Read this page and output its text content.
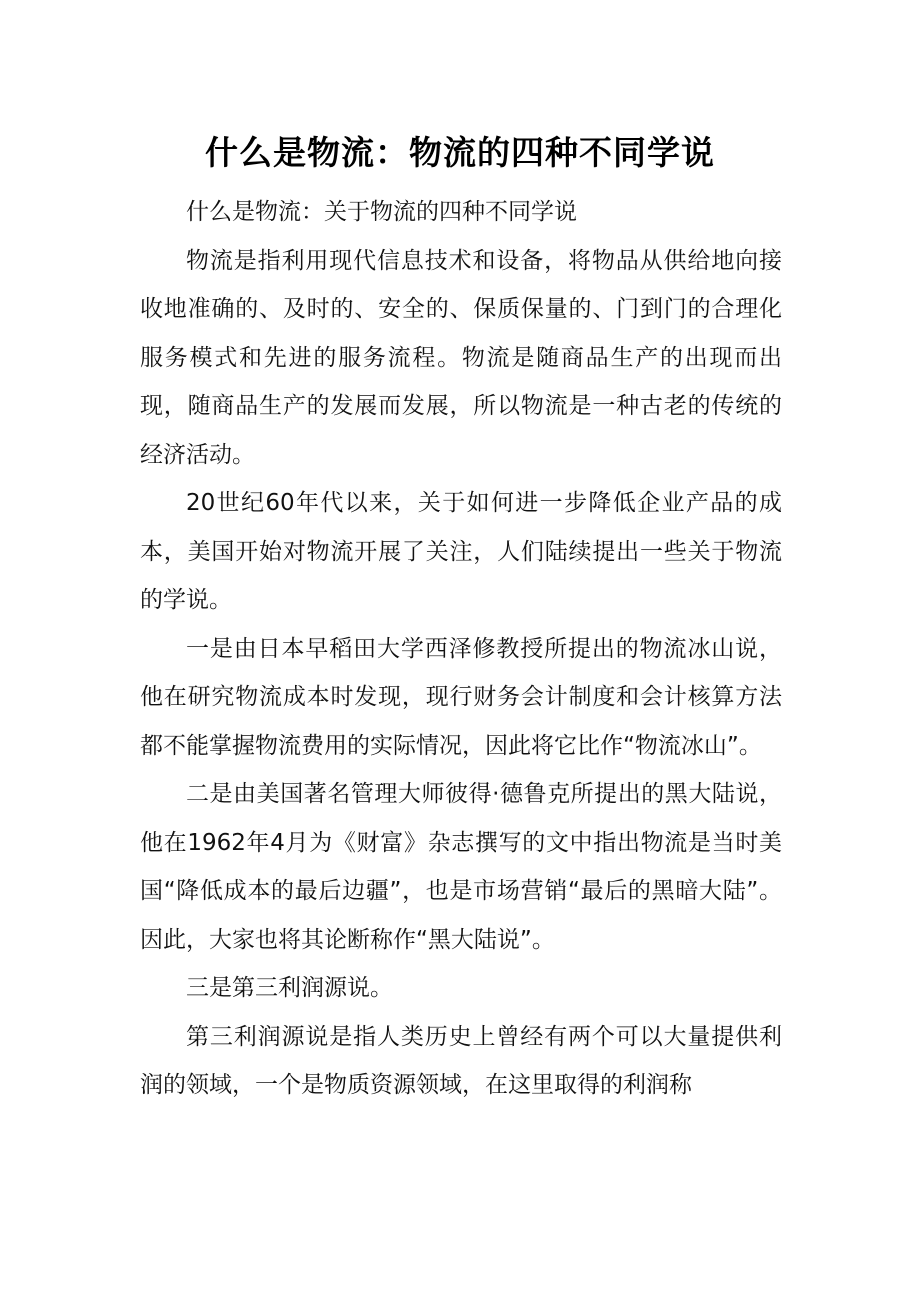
什么是物流：物流的四种不同学说

什么是物流：关于物流的四种不同学说

物流是指利用现代信息技术和设备，将物品从供给地向接收地准确的、及时的、安全的、保质保量的、门到门的合理化服务模式和先进的服务流程。物流是随商品生产的出现而出现，随商品生产的发展而发展，所以物流是一种古老的传统的经济活动。

20世纪60年代以来，关于如何进一步降低企业产品的成本，美国开始对物流开展了关注，人们陆续提出一些关于物流的学说。

一是由日本早稻田大学西泽修教授所提出的物流冰山说，他在研究物流成本时发现，现行财务会计制度和会计核算方法都不能掌握物流费用的实际情况，因此将它比作“物流冰山”。

二是由美国著名管理大师彼得·德鲁克所提出的黑大陆说，他在1962年4月为《财富》杂志撰写的文中指出物流是当时美国“降低成本的最后边疆”，也是市场营销“最后的黑暗大陆”。因此，大家也将其论断称作“黑大陆说”。

三是第三利润源说。

第三利润源说是指人类历史上曾经有两个可以大量提供利润的领域，一个是物质资源领域，在这里取得的利润称
